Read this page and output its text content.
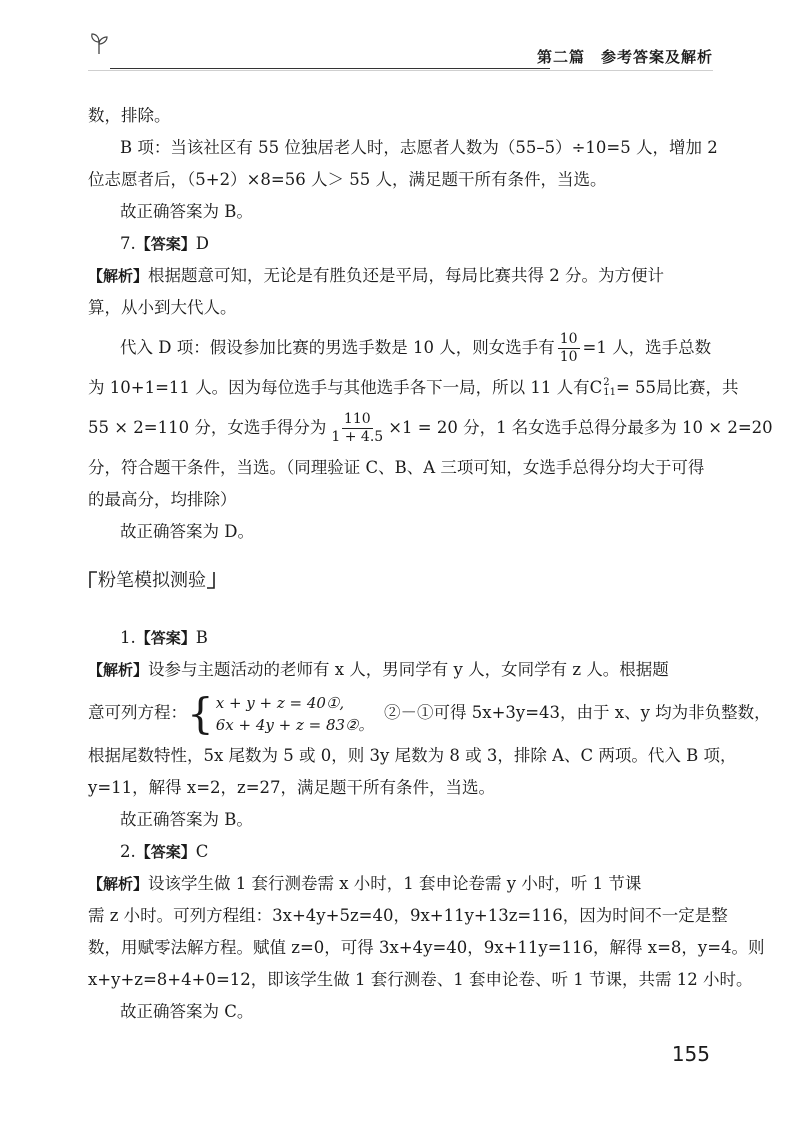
第二篇　参考答案及解析

数，排除。

B 项：当该社区有 55 位独居老人时，志愿者人数为（55–5）÷10=5 人，增加 2

位志愿者后，（5+2）×8=56 人＞ 55 人，满足题干所有条件，当选。

故正确答案为 B。

7.【答案】D

【解析】根据题意可知，无论是有胜负还是平局，每局比赛共得 2 分。为方便计

算，从小到大代人。

代入 D 项：假设参加比赛的男选手数是 10 人，则女选手有 $\frac{10}{10} =1$ 人，选手总数

为 10+1=11 人。因为每位选手与其他选手各下一局，所以 11 人有 C 2
11 = 55局比赛，共

55 × 2=110 分，女选手得分为 $\frac{110}{1 + 4.5} \times 1 = 20$ 分，1 名女选手总得分最多为 10 × 2=20

分，符合题干条件，当选。（同理验证 C、B、A 三项可知，女选手总得分均大于可得

的最高分，均排除）

故正确答案为 D。

粉笔模拟测验

1.【答案】B

【解析】设参与主题活动的老师有 x 人，男同学有 y 人，女同学有 z 人。根据题

意可列方程： { x + y + z = 40①,
6x + 4y + z = 83②。
②－①可得 5x+3y=43，由于 x、y 均为非负整数，

根据尾数特性，5x 尾数为 5 或 0，则 3y 尾数为 8 或 3，排除 A、C 两项。代入 B 项，

y=11，解得 x=2，z=27，满足题干所有条件，当选。

故正确答案为 B。

2.【答案】C

【解析】设该学生做 1 套行测卷需 x 小时，1 套申论卷需 y 小时，听 1 节课

需 z 小时。可列方程组：3x+4y+5z=40，9x+11y+13z=116，因为时间不一定是整

数，用赋零法解方程。赋值 z=0，可得 3x+4y=40，9x+11y=116，解得 x=8，y=4。则

x+y+z=8+4+0=12，即该学生做 1 套行测卷、1 套申论卷、听 1 节课，共需 12 小时。

故正确答案为 C。

155
